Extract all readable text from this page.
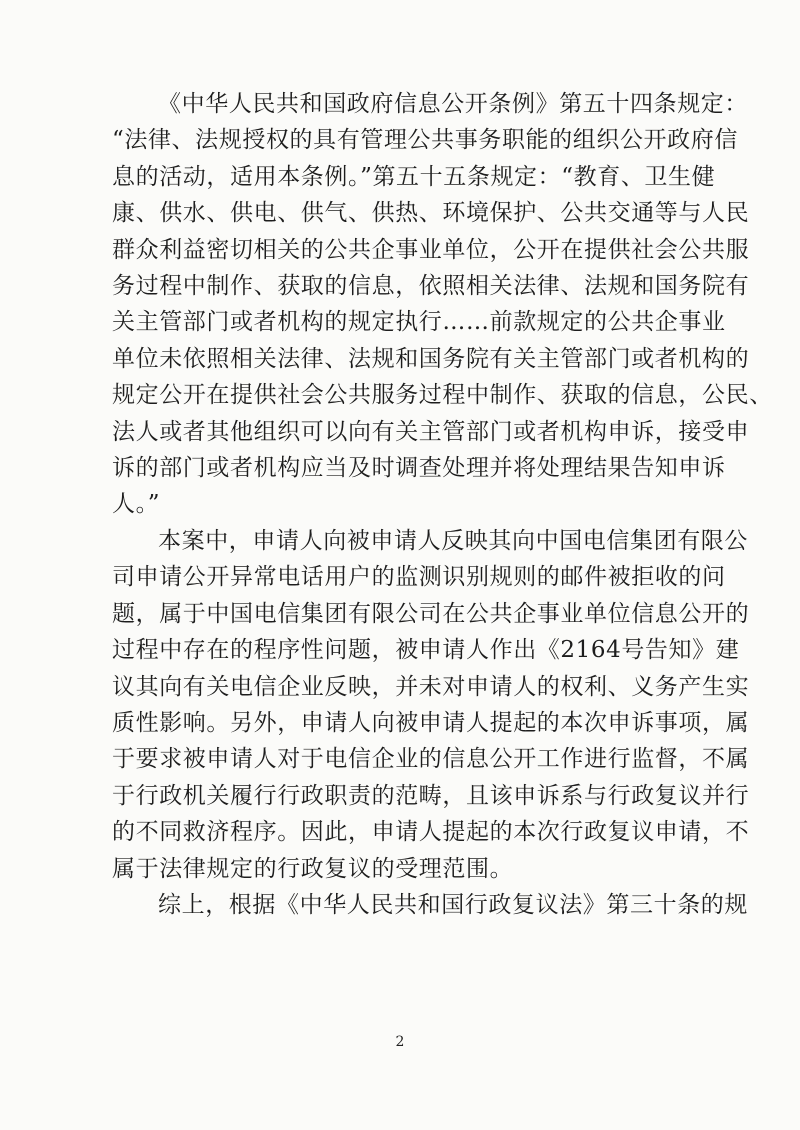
《中华人民共和国政府信息公开条例》第五十四条规定：
“法律、法规授权的具有管理公共事务职能的组织公开政府信
息的活动，适用本条例。”第五十五条规定：“教育、卫生健
康、供水、供电、供气、供热、环境保护、公共交通等与人民
群众利益密切相关的公共企事业单位，公开在提供社会公共服
务过程中制作、获取的信息，依照相关法律、法规和国务院有
关主管部门或者机构的规定执行……前款规定的公共企事业
单位未依照相关法律、法规和国务院有关主管部门或者机构的
规定公开在提供社会公共服务过程中制作、获取的信息，公民、
法人或者其他组织可以向有关主管部门或者机构申诉，接受申
诉的部门或者机构应当及时调查处理并将处理结果告知申诉
人。”
本案中，申请人向被申请人反映其向中国电信集团有限公
司申请公开异常电话用户的监测识别规则的邮件被拒收的问
题，属于中国电信集团有限公司在公共企事业单位信息公开的
过程中存在的程序性问题，被申请人作出《2164号告知》建
议其向有关电信企业反映，并未对申请人的权利、义务产生实
质性影响。另外，申请人向被申请人提起的本次申诉事项，属
于要求被申请人对于电信企业的信息公开工作进行监督，不属
于行政机关履行行政职责的范畴，且该申诉系与行政复议并行
的不同救济程序。因此，申请人提起的本次行政复议申请，不
属于法律规定的行政复议的受理范围。
综上，根据《中华人民共和国行政复议法》第三十条的规
2
